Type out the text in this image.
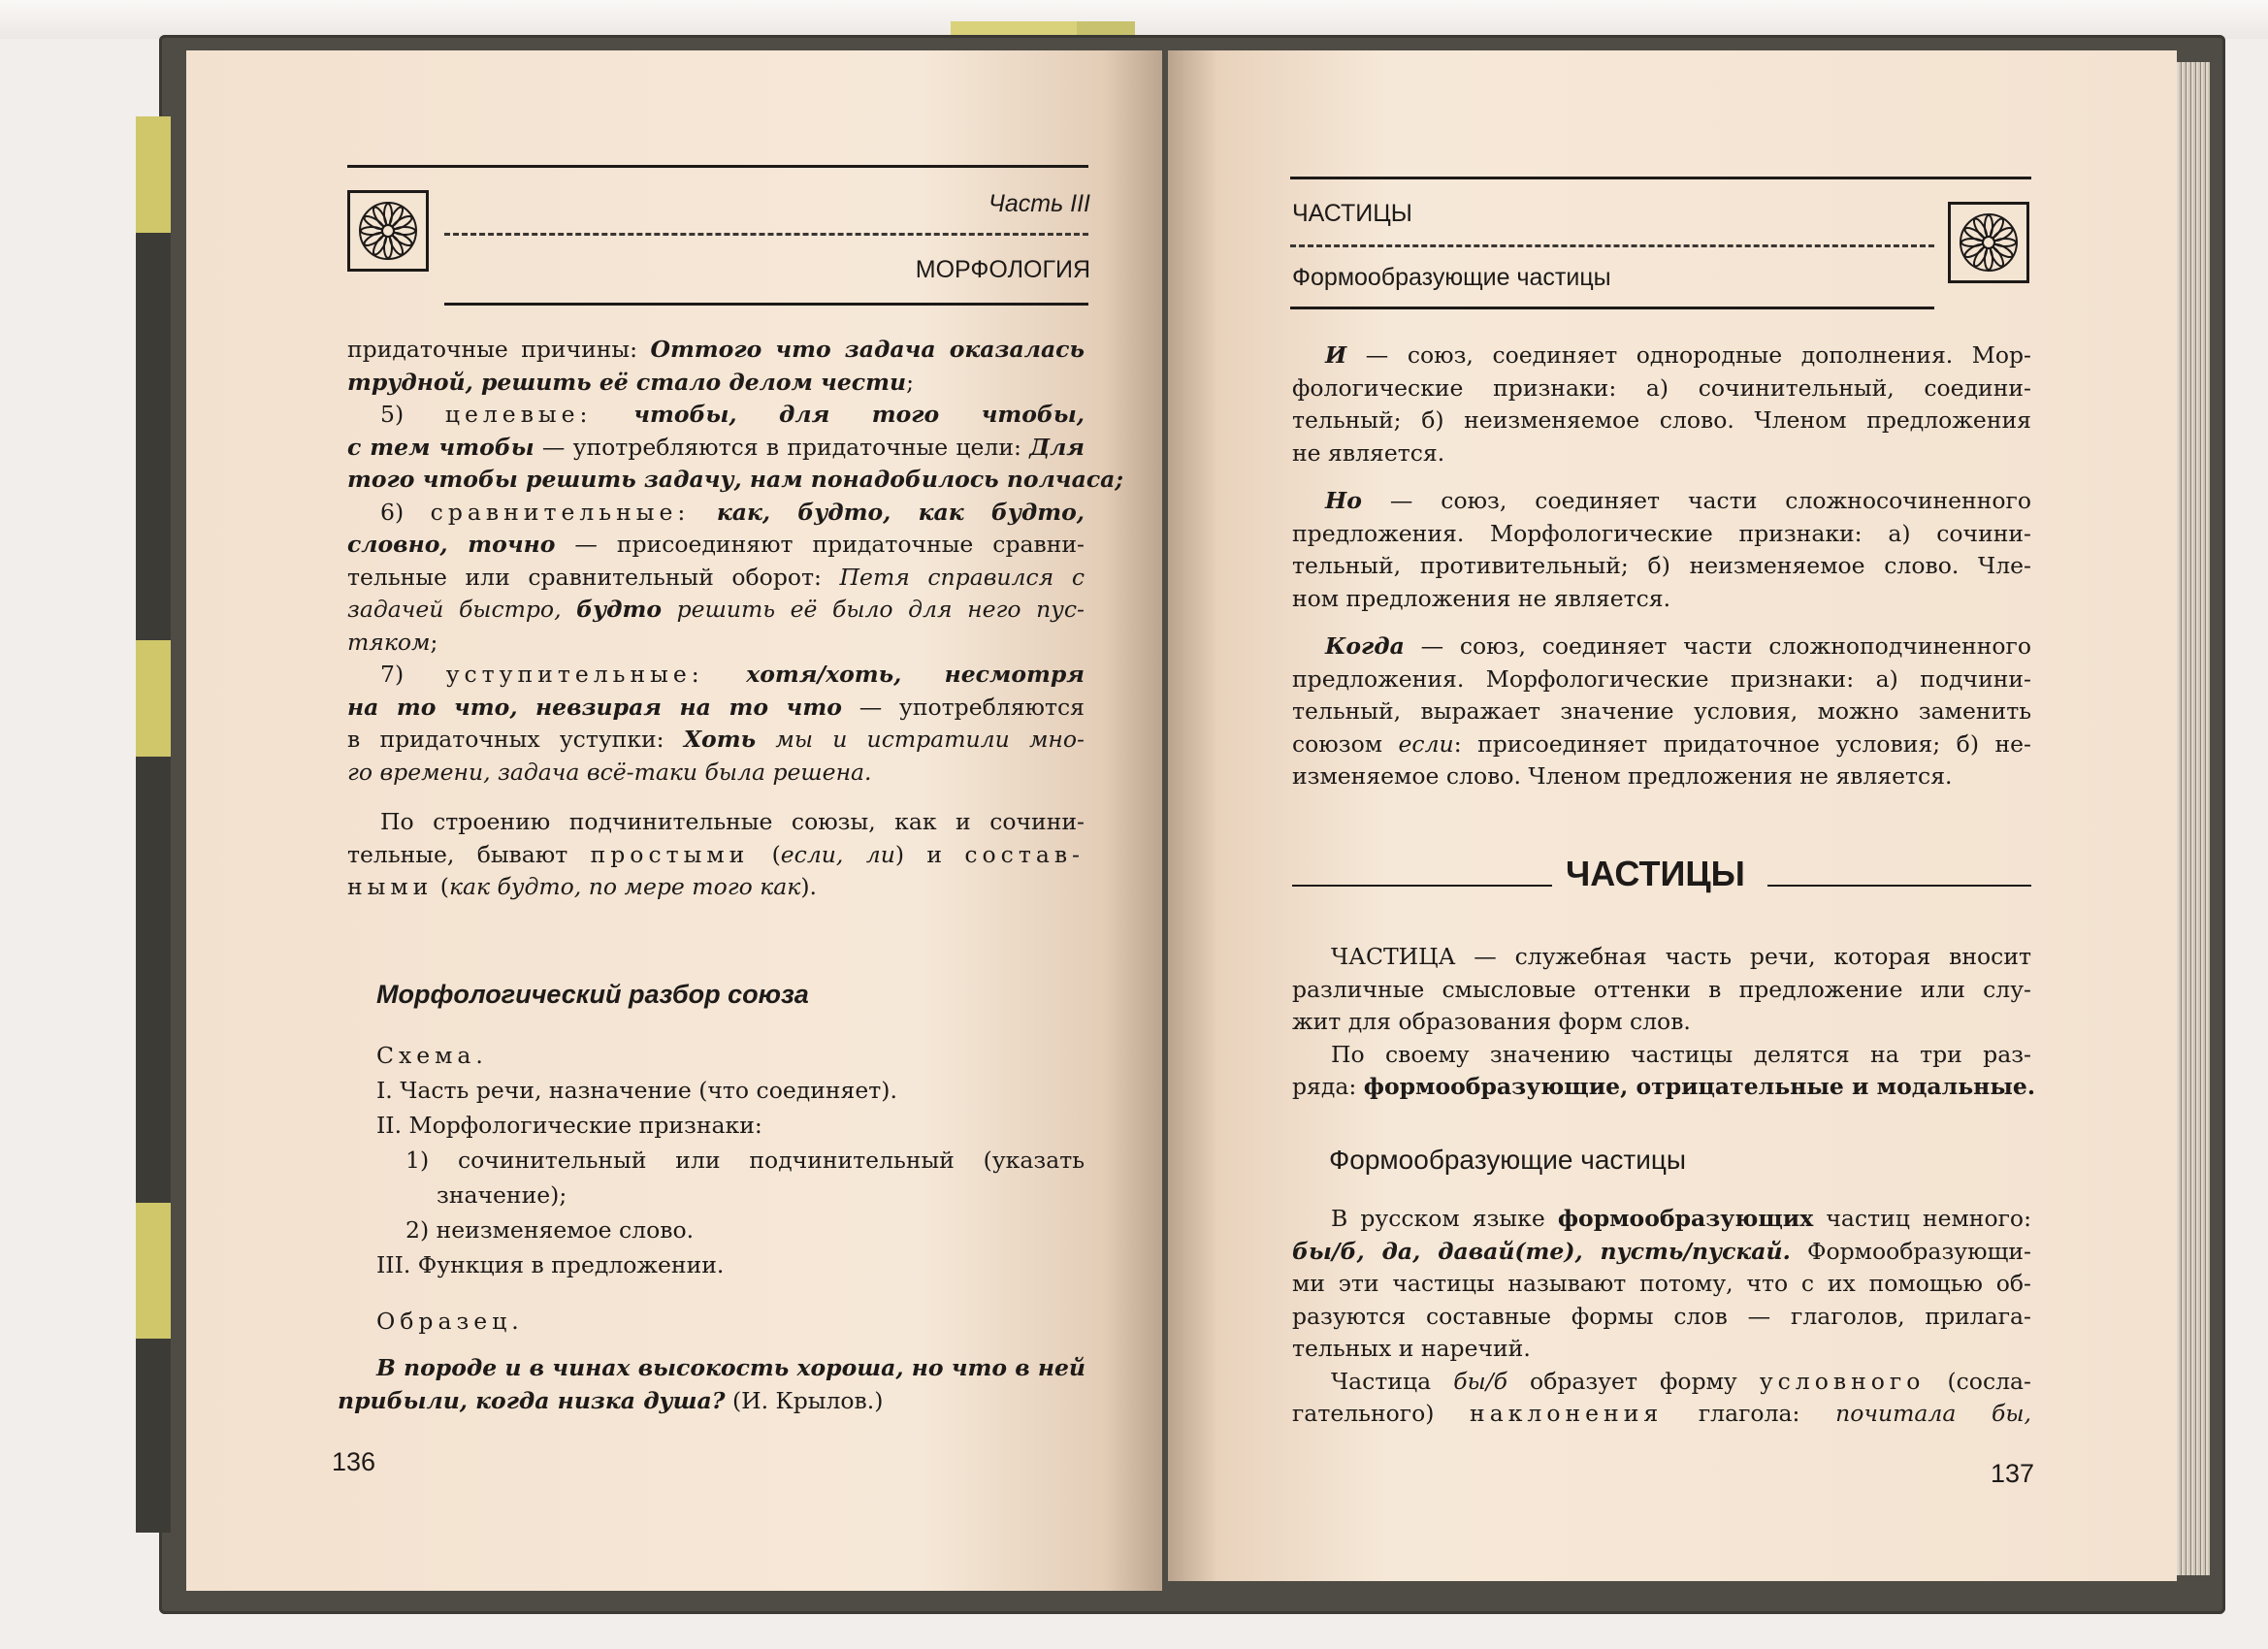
Часть III
МОРФОЛОГИЯ
придаточные причины: Оттого что задача оказалась
трудной, решить её стало делом чести;
5) целевые: чтобы, для того чтобы,
с тем чтобы — употребляются в придаточные цели: Для
того чтобы решить задачу, нам понадобилось полчаса;
6) сравнительные: как, будто, как будто,
словно, точно — присоединяют придаточные сравни-
тельные или сравнительный оборот: Петя справился с
задачей быстро, будто решить её было для него пус-
тяком;
7) уступительные: хотя/хоть, несмотря
на то что, невзирая на то что — употребляются
в придаточных уступки: Хоть мы и истратили мно-
го времени, задача всё-таки была решена.
По строению подчинительные союзы, как и сочини-
тельные, бывают простыми (если, ли) и состав-
ными (как будто, по мере того как).
Морфологический разбор союза
Схема.
I. Часть речи, назначение (что соединяет).
II. Морфологические признаки:
1) сочинительный или подчинительный (указать
значение);
2) неизменяемое слово.
III. Функция в предложении.
Образец.
В породе и в чинах высокость хороша, но что в ней
прибыли, когда низка душа? (И. Крылов.)
136
ЧАСТИЦЫ
Формообразующие частицы
И — союз, соединяет однородные дополнения. Мор-
фологические признаки: а) сочинительный, соедини-
тельный; б) неизменяемое слово. Членом предложения
не является.
Но — союз, соединяет части сложносочиненного
предложения. Морфологические признаки: а) сочини-
тельный, противительный; б) неизменяемое слово. Чле-
ном предложения не является.
Когда — союз, соединяет части сложноподчиненного
предложения. Морфологические признаки: а) подчини-
тельный, выражает значение условия, можно заменить
союзом если: присоединяет придаточное условия; б) не-
изменяемое слово. Членом предложения не является.
ЧАСТИЦЫ
ЧАСТИЦА — служебная часть речи, которая вносит
различные смысловые оттенки в предложение или слу-
жит для образования форм слов.
По своему значению частицы делятся на три раз-
ряда: формообразующие, отрицательные и модальные.
Формообразующие частицы
В русском языке формообразующих частиц немного:
бы/б, да, давай(те), пусть/пускай. Формообразующи-
ми эти частицы называют потому, что с их помощью об-
разуются составные формы слов — глаголов, прилага-
тельных и наречий.
Частица бы/б образует форму условного (сосла-
гательного) наклонения глагола: почитала бы,
137
